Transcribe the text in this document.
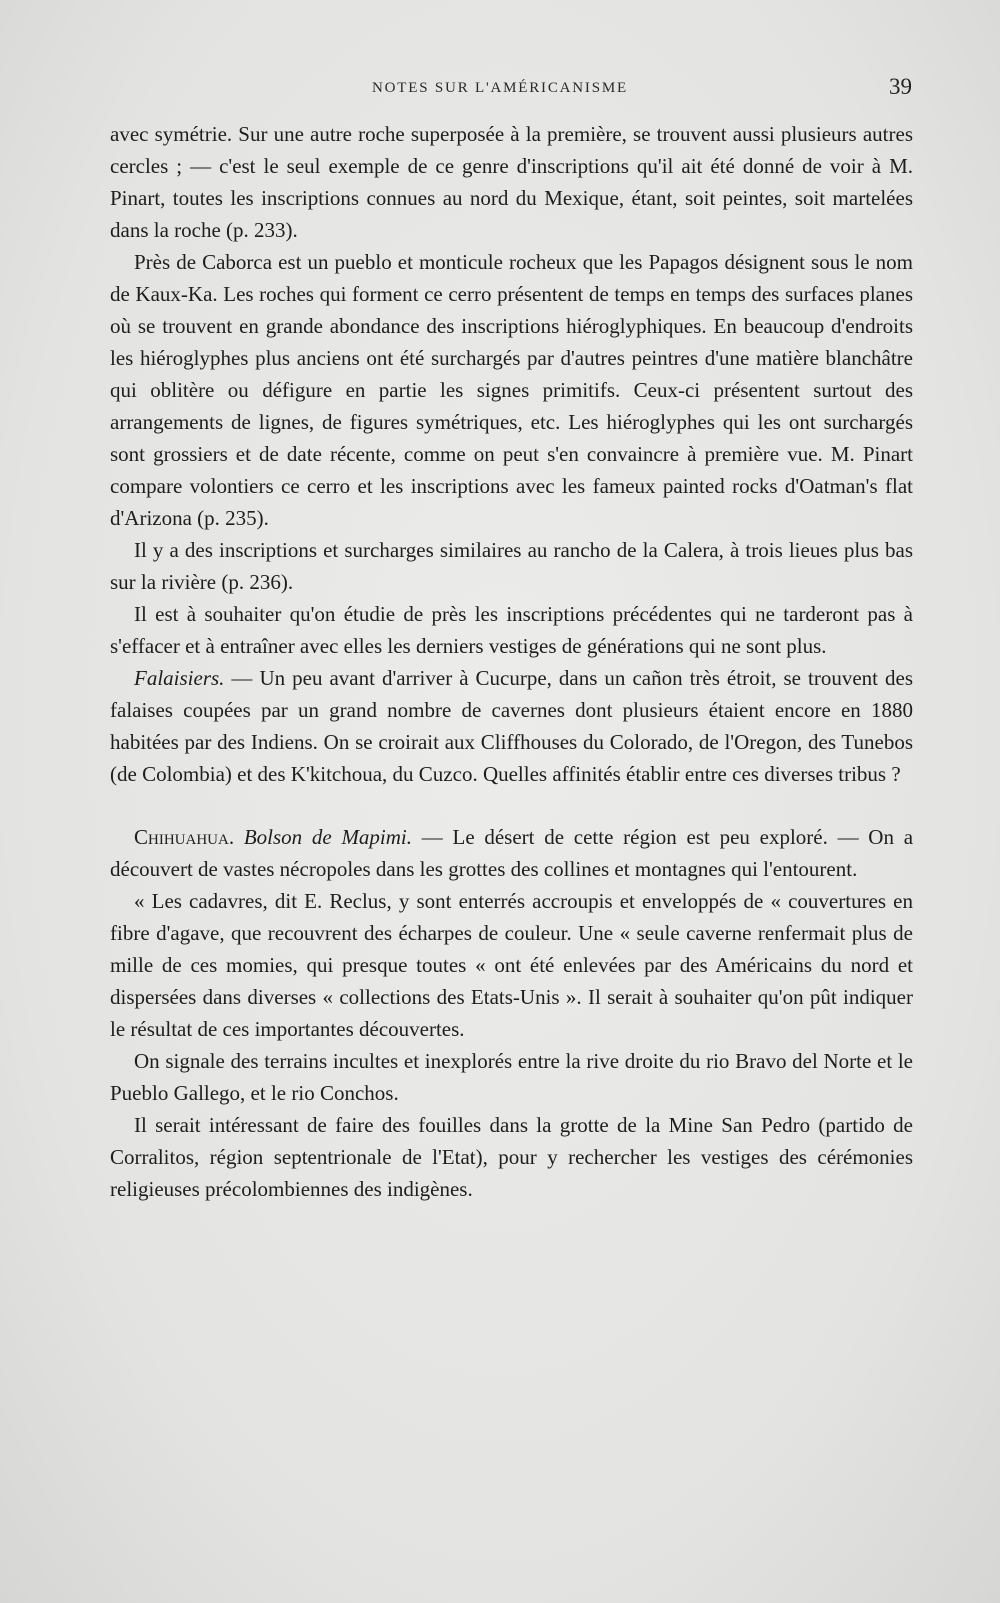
NOTES SUR L'AMÉRICANISME	39

avec symétrie. Sur une autre roche superposée à la première, se trouvent aussi plusieurs autres cercles ; — c'est le seul exemple de ce genre d'inscriptions qu'il ait été donné de voir à M. Pinart, toutes les inscriptions connues au nord du Mexique, étant, soit peintes, soit martelées dans la roche (p. 233).

Près de Caborca est un pueblo et monticule rocheux que les Papagos désignent sous le nom de Kaux-Ka. Les roches qui forment ce cerro présentent de temps en temps des surfaces planes où se trouvent en grande abondance des inscriptions hiéroglyphiques. En beaucoup d'endroits les hiéroglyphes plus anciens ont été surchargés par d'autres peintres d'une matière blanchâtre qui oblitère ou défigure en partie les signes primitifs. Ceux-ci présentent surtout des arrangements de lignes, de figures symétriques, etc. Les hiéroglyphes qui les ont surchargés sont grossiers et de date récente, comme on peut s'en convaincre à première vue. M. Pinart compare volontiers ce cerro et les inscriptions avec les fameux painted rocks d'Oatman's flat d'Arizona (p. 235).

Il y a des inscriptions et surcharges similaires au rancho de la Calera, à trois lieues plus bas sur la rivière (p. 236).

Il est à souhaiter qu'on étudie de près les inscriptions précédentes qui ne tarderont pas à s'effacer et à entraîner avec elles les derniers vestiges de générations qui ne sont plus.

Falaisiers. — Un peu avant d'arriver à Cucurpe, dans un cañon très étroit, se trouvent des falaises coupées par un grand nombre de cavernes dont plusieurs étaient encore en 1880 habitées par des Indiens. On se croirait aux Cliffhouses du Colorado, de l'Oregon, des Tunebos (de Colombia) et des K'kitchoua, du Cuzco. Quelles affinités établir entre ces diverses tribus ?

Chihuahua. Bolson de Mapimi. — Le désert de cette région est peu exploré. — On a découvert de vastes nécropoles dans les grottes des collines et montagnes qui l'entourent.

« Les cadavres, dit E. Reclus, y sont enterrés accroupis et enveloppés de « couvertures en fibre d'agave, que recouvrent des écharpes de couleur. Une « seule caverne renfermait plus de mille de ces momies, qui presque toutes « ont été enlevées par des Américains du nord et dispersées dans diverses « collections des Etats-Unis ». Il serait à souhaiter qu'on pût indiquer le résultat de ces importantes découvertes.

On signale des terrains incultes et inexplorés entre la rive droite du rio Bravo del Norte et le Pueblo Gallego, et le rio Conchos.

Il serait intéressant de faire des fouilles dans la grotte de la Mine San Pedro (partido de Corralitos, région septentrionale de l'Etat), pour y rechercher les vestiges des cérémonies religieuses précolombiennes des indigènes.
